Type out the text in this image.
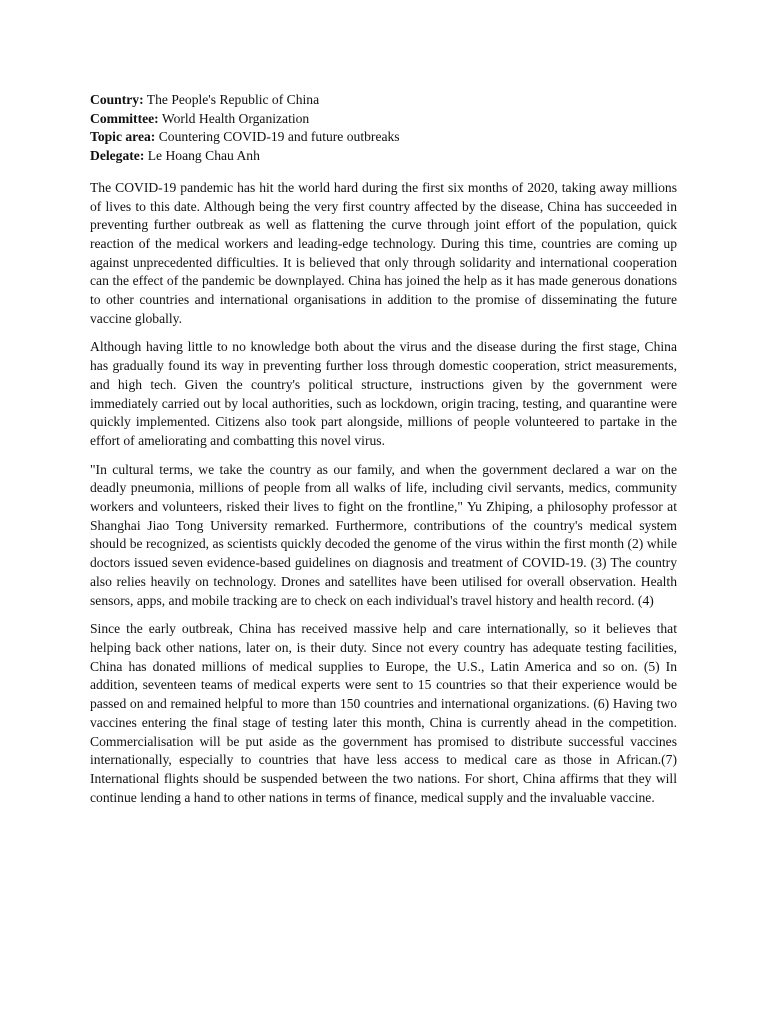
Country: The People's Republic of China

Committee: World Health Organization

Topic area: Countering COVID-19 and future outbreaks

Delegate: Le Hoang Chau Anh

The COVID-19 pandemic has hit the world hard during the first six months of 2020, taking away millions of lives to this date. Although being the very first country affected by the disease, China has succeeded in preventing further outbreak as well as flattening the curve through joint effort of the population, quick reaction of the medical workers and leading-edge technology. During this time, countries are coming up against unprecedented difficulties. It is believed that only through solidarity and international cooperation can the effect of the pandemic be downplayed. China has joined the help as it has made generous donations to other countries and international organisations in addition to the promise of disseminating the future vaccine globally.

Although having little to no knowledge both about the virus and the disease during the first stage, China has gradually found its way in preventing further loss through domestic cooperation, strict measurements, and high tech. Given the country's political structure, instructions given by the government were immediately carried out by local authorities, such as lockdown, origin tracing, testing, and quarantine were quickly implemented. Citizens also took part alongside, millions of people volunteered to partake in the effort of ameliorating and combatting this novel virus.

"In cultural terms, we take the country as our family, and when the government declared a war on the deadly pneumonia, millions of people from all walks of life, including civil servants, medics, community workers and volunteers, risked their lives to fight on the frontline," Yu Zhiping, a philosophy professor at Shanghai Jiao Tong University remarked. Furthermore, contributions of the country's medical system should be recognized, as scientists quickly decoded the genome of the virus within the first month (2) while doctors issued seven evidence-based guidelines on diagnosis and treatment of COVID-19. (3) The country also relies heavily on technology. Drones and satellites have been utilised for overall observation. Health sensors, apps, and mobile tracking are to check on each individual's travel history and health record. (4)

Since the early outbreak, China has received massive help and care internationally, so it believes that helping back other nations, later on, is their duty. Since not every country has adequate testing facilities, China has donated millions of medical supplies to Europe, the U.S., Latin America and so on. (5) In addition, seventeen teams of medical experts were sent to 15 countries so that their experience would be passed on and remained helpful to more than 150 countries and international organizations. (6) Having two vaccines entering the final stage of testing later this month, China is currently ahead in the competition. Commercialisation will be put aside as the government has promised to distribute successful vaccines internationally, especially to countries that have less access to medical care as those in African.(7) International flights should be suspended between the two nations. For short, China affirms that they will continue lending a hand to other nations in terms of finance, medical supply and the invaluable vaccine.
